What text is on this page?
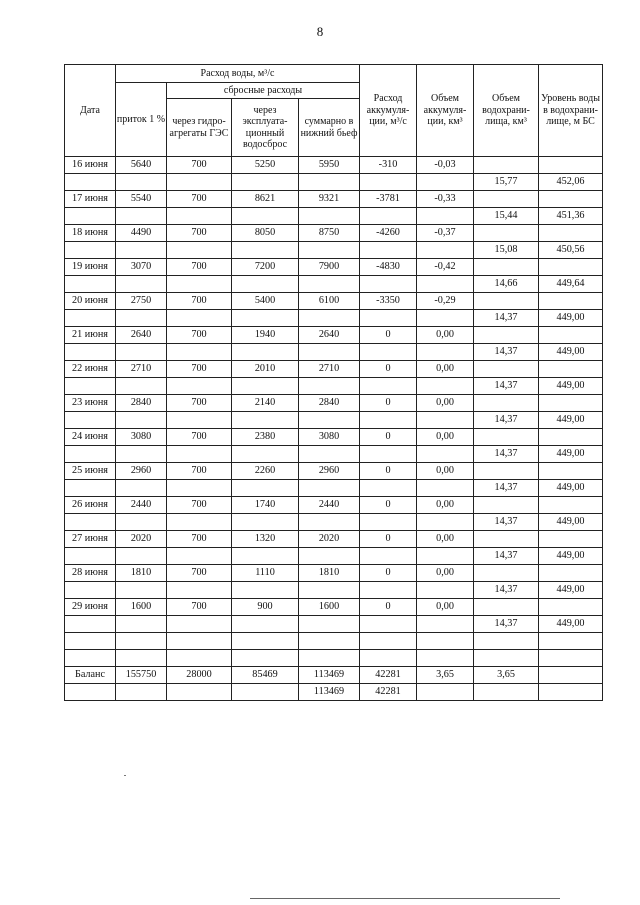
8
Дата	Расход воды, м³/с				Расход аккумуля-ции, м³/с	Объем аккумуля-ции, км³	Объем водохрани-лища, км³	Уровень воды в водохрани-лище, м БС
	приток 1 %	сбросные расходы						
		через гидро-агрегаты ГЭС	через эксплуата-ционный водосброс	суммарно в нижний бьеф				
16 июня	5640	700	5250	5950	-310	-0,03		
							15,77	452,06
17 июня	5540	700	8621	9321	-3781	-0,33		
							15,44	451,36
18 июня	4490	700	8050	8750	-4260	-0,37		
							15,08	450,56
19 июня	3070	700	7200	7900	-4830	-0,42		
							14,66	449,64
20 июня	2750	700	5400	6100	-3350	-0,29		
							14,37	449,00
21 июня	2640	700	1940	2640	0	0,00		
							14,37	449,00
22 июня	2710	700	2010	2710	0	0,00		
							14,37	449,00
23 июня	2840	700	2140	2840	0	0,00		
							14,37	449,00
24 июня	3080	700	2380	3080	0	0,00		
							14,37	449,00
25 июня	2960	700	2260	2960	0	0,00		
							14,37	449,00
26 июня	2440	700	1740	2440	0	0,00		
							14,37	449,00
27 июня	2020	700	1320	2020	0	0,00		
							14,37	449,00
28 июня	1810	700	1110	1810	0	0,00		
							14,37	449,00
29 июня	1600	700	900	1600	0	0,00		
							14,37	449,00

Баланс	155750	28000	85469	113469	42281	3,65	3,65	
				113469	42281			
